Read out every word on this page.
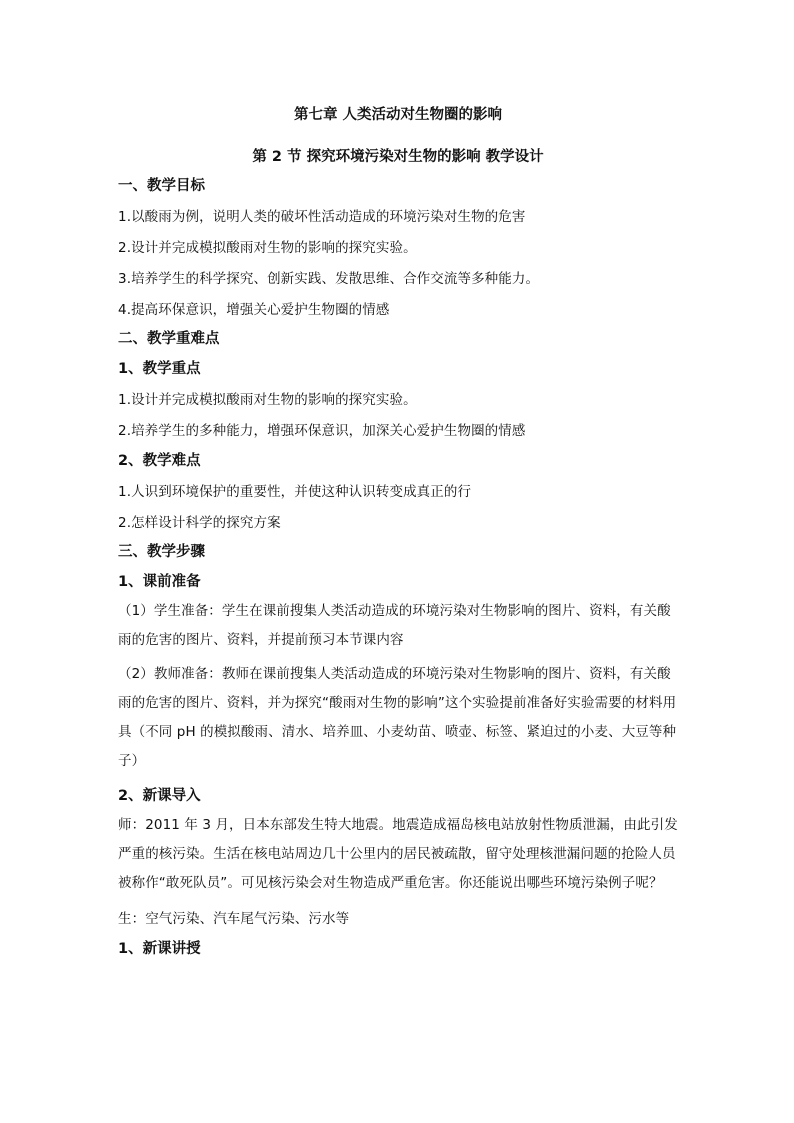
第七章 人类活动对生物圈的影响

第 2 节 探究环境污染对生物的影响 教学设计

一、教学目标

1.以酸雨为例，说明人类的破坏性活动造成的环境污染对生物的危害

2.设计并完成模拟酸雨对生物的影响的探究实验。

3.培养学生的科学探究、创新实践、发散思维、合作交流等多种能力。

4.提高环保意识，增强关心爱护生物圈的情感

二、教学重难点

1、教学重点

1.设计并完成模拟酸雨对生物的影响的探究实验。

2.培养学生的多种能力，增强环保意识，加深关心爱护生物圈的情感

2、教学难点

1.人识到环境保护的重要性，并使这种认识转变成真正的行

2.怎样设计科学的探究方案

三、教学步骤

1、课前准备

（1）学生准备：学生在课前搜集人类活动造成的环境污染对生物影响的图片、资料，有关酸雨的危害的图片、资料，并提前预习本节课内容

（2）教师准备：教师在课前搜集人类活动造成的环境污染对生物影响的图片、资料，有关酸雨的危害的图片、资料，并为探究“酸雨对生物的影响”这个实验提前准备好实验需要的材料用具（不同 pH 的模拟酸雨、清水、培养皿、小麦幼苗、喷壶、标签、紧迫过的小麦、大豆等种子）

2、新课导入

师：2011 年 3 月，日本东部发生特大地震。地震造成福岛核电站放射性物质泄漏，由此引发严重的核污染。生活在核电站周边几十公里内的居民被疏散，留守处理核泄漏问题的抢险人员被称作“敢死队员”。可见核污染会对生物造成严重危害。你还能说出哪些环境污染例子呢？

生：空气污染、汽车尾气污染、污水等

1、新课讲授
